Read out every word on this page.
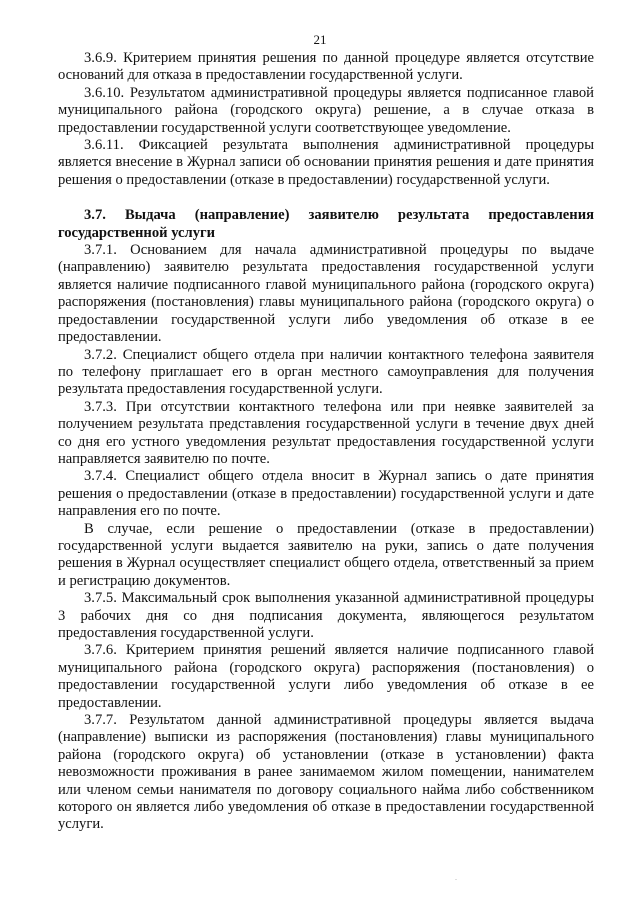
21

3.6.9. Критерием принятия решения по данной процедуре является отсутствие оснований для отказа в предоставлении государственной услуги.

3.6.10. Результатом административной процедуры является подписанное главой муниципального района (городского округа) решение, а в случае отказа в предоставлении государственной услуги соответствующее уведомление.

3.6.11. Фиксацией результата выполнения административной процедуры является внесение в Журнал записи об основании принятия решения и дате принятия решения о предоставлении (отказе в предоставлении) государственной услуги.

3.7. Выдача (направление) заявителю результата предоставления государственной услуги

3.7.1. Основанием для начала административной процедуры по выдаче (направлению) заявителю результата предоставления государственной услуги является наличие подписанного главой муниципального района (городского округа) распоряжения (постановления) главы муниципального района (городского округа) о предоставлении государственной услуги либо уведомления об отказе в ее предоставлении.

3.7.2. Специалист общего отдела при наличии контактного телефона заявителя по телефону приглашает его в орган местного самоуправления для получения результата предоставления государственной услуги.

3.7.3. При отсутствии контактного телефона или при неявке заявителей за получением результата представления государственной услуги в течение двух дней со дня его устного уведомления результат предоставления государственной услуги направляется заявителю по почте.

3.7.4. Специалист общего отдела вносит в Журнал запись о дате принятия решения о предоставлении (отказе в предоставлении) государственной услуги и дате направления его по почте.

В случае, если решение о предоставлении (отказе в предоставлении) государственной услуги выдается заявителю на руки, запись о дате получения решения в Журнал осуществляет специалист общего отдела, ответственный за прием и регистрацию документов.

3.7.5. Максимальный срок выполнения указанной административной процедуры 3 рабочих дня со дня подписания документа, являющегося результатом предоставления государственной услуги.

3.7.6. Критерием принятия решений является наличие подписанного главой муниципального района (городского округа) распоряжения (постановления) о предоставлении государственной услуги либо уведомления об отказе в ее предоставлении.

3.7.7. Результатом данной административной процедуры является выдача (направление) выписки из распоряжения (постановления) главы муниципального района (городского округа) об установлении (отказе в установлении) факта невозможности проживания в ранее занимаемом жилом помещении, нанимателем или членом семьи нанимателя по договору социального найма либо собственником которого он является либо уведомления об отказе в предоставлении государственной услуги.

.
